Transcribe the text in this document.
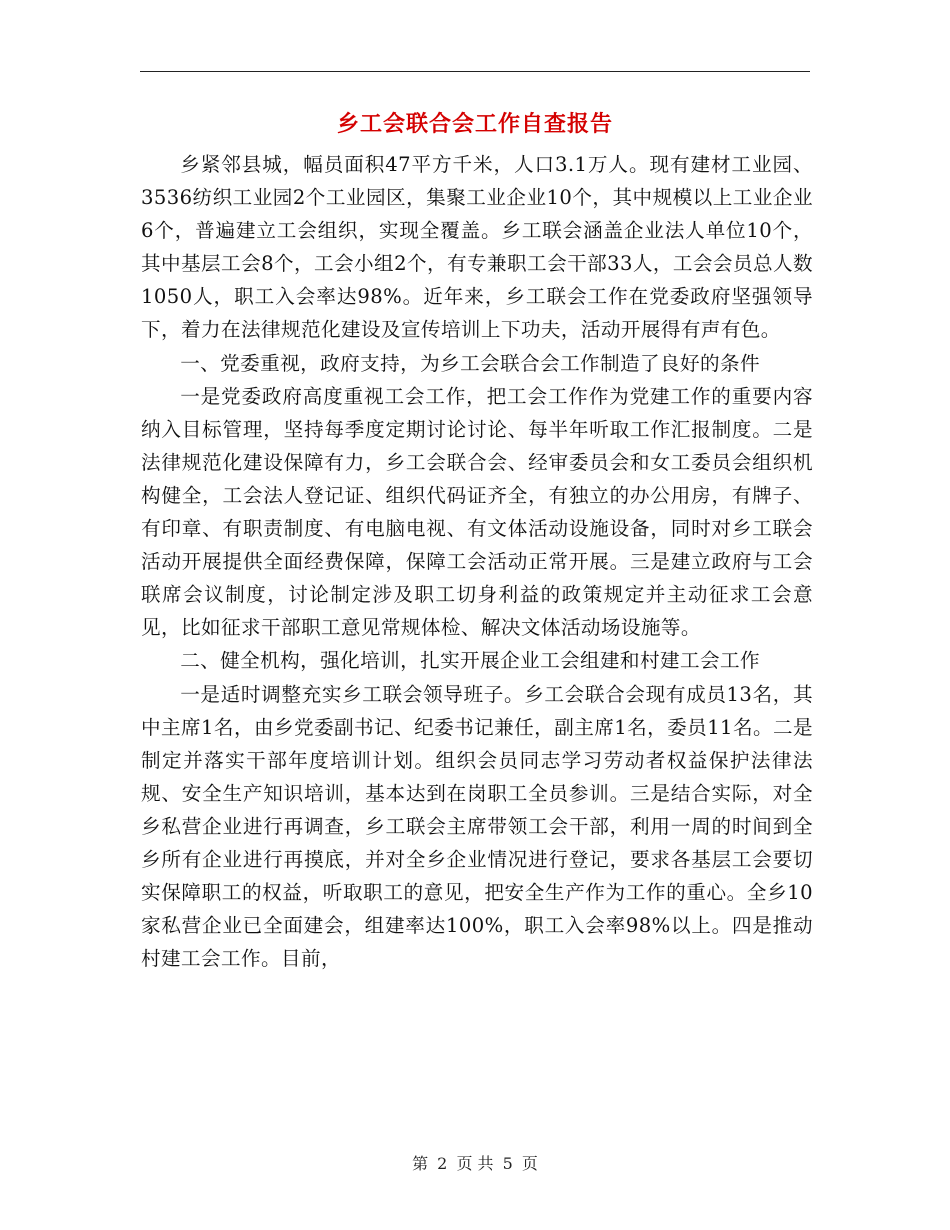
乡工会联合会工作自查报告

乡紧邻县城，幅员面积47平方千米，人口3.1万人。现有建材工业园、3536纺织工业园2个工业园区，集聚工业企业10个，其中规模以上工业企业6个，普遍建立工会组织，实现全覆盖。乡工联会涵盖企业法人单位10个，其中基层工会8个，工会小组2个，有专兼职工会干部33人，工会会员总人数1050人，职工入会率达98%。近年来，乡工联会工作在党委政府坚强领导下，着力在法律规范化建设及宣传培训上下功夫，活动开展得有声有色。

一、党委重视，政府支持，为乡工会联合会工作制造了良好的条件

一是党委政府高度重视工会工作，把工会工作作为党建工作的重要内容纳入目标管理，坚持每季度定期讨论讨论、每半年听取工作汇报制度。二是法律规范化建设保障有力，乡工会联合会、经审委员会和女工委员会组织机构健全，工会法人登记证、组织代码证齐全，有独立的办公用房，有牌子、有印章、有职责制度、有电脑电视、有文体活动设施设备，同时对乡工联会活动开展提供全面经费保障，保障工会活动正常开展。三是建立政府与工会联席会议制度，讨论制定涉及职工切身利益的政策规定并主动征求工会意见，比如征求干部职工意见常规体检、解决文体活动场设施等。

二、健全机构，强化培训，扎实开展企业工会组建和村建工会工作

一是适时调整充实乡工联会领导班子。乡工会联合会现有成员13名，其中主席1名，由乡党委副书记、纪委书记兼任，副主席1名，委员11名。二是制定并落实干部年度培训计划。组织会员同志学习劳动者权益保护法律法规、安全生产知识培训，基本达到在岗职工全员参训。三是结合实际，对全乡私营企业进行再调查，乡工联会主席带领工会干部，利用一周的时间到全乡所有企业进行再摸底，并对全乡企业情况进行登记，要求各基层工会要切实保障职工的权益，听取职工的意见，把安全生产作为工作的重心。全乡10家私营企业已全面建会，组建率达100%，职工入会率98%以上。四是推动村建工会工作。目前，

第 2 页 共 5 页
